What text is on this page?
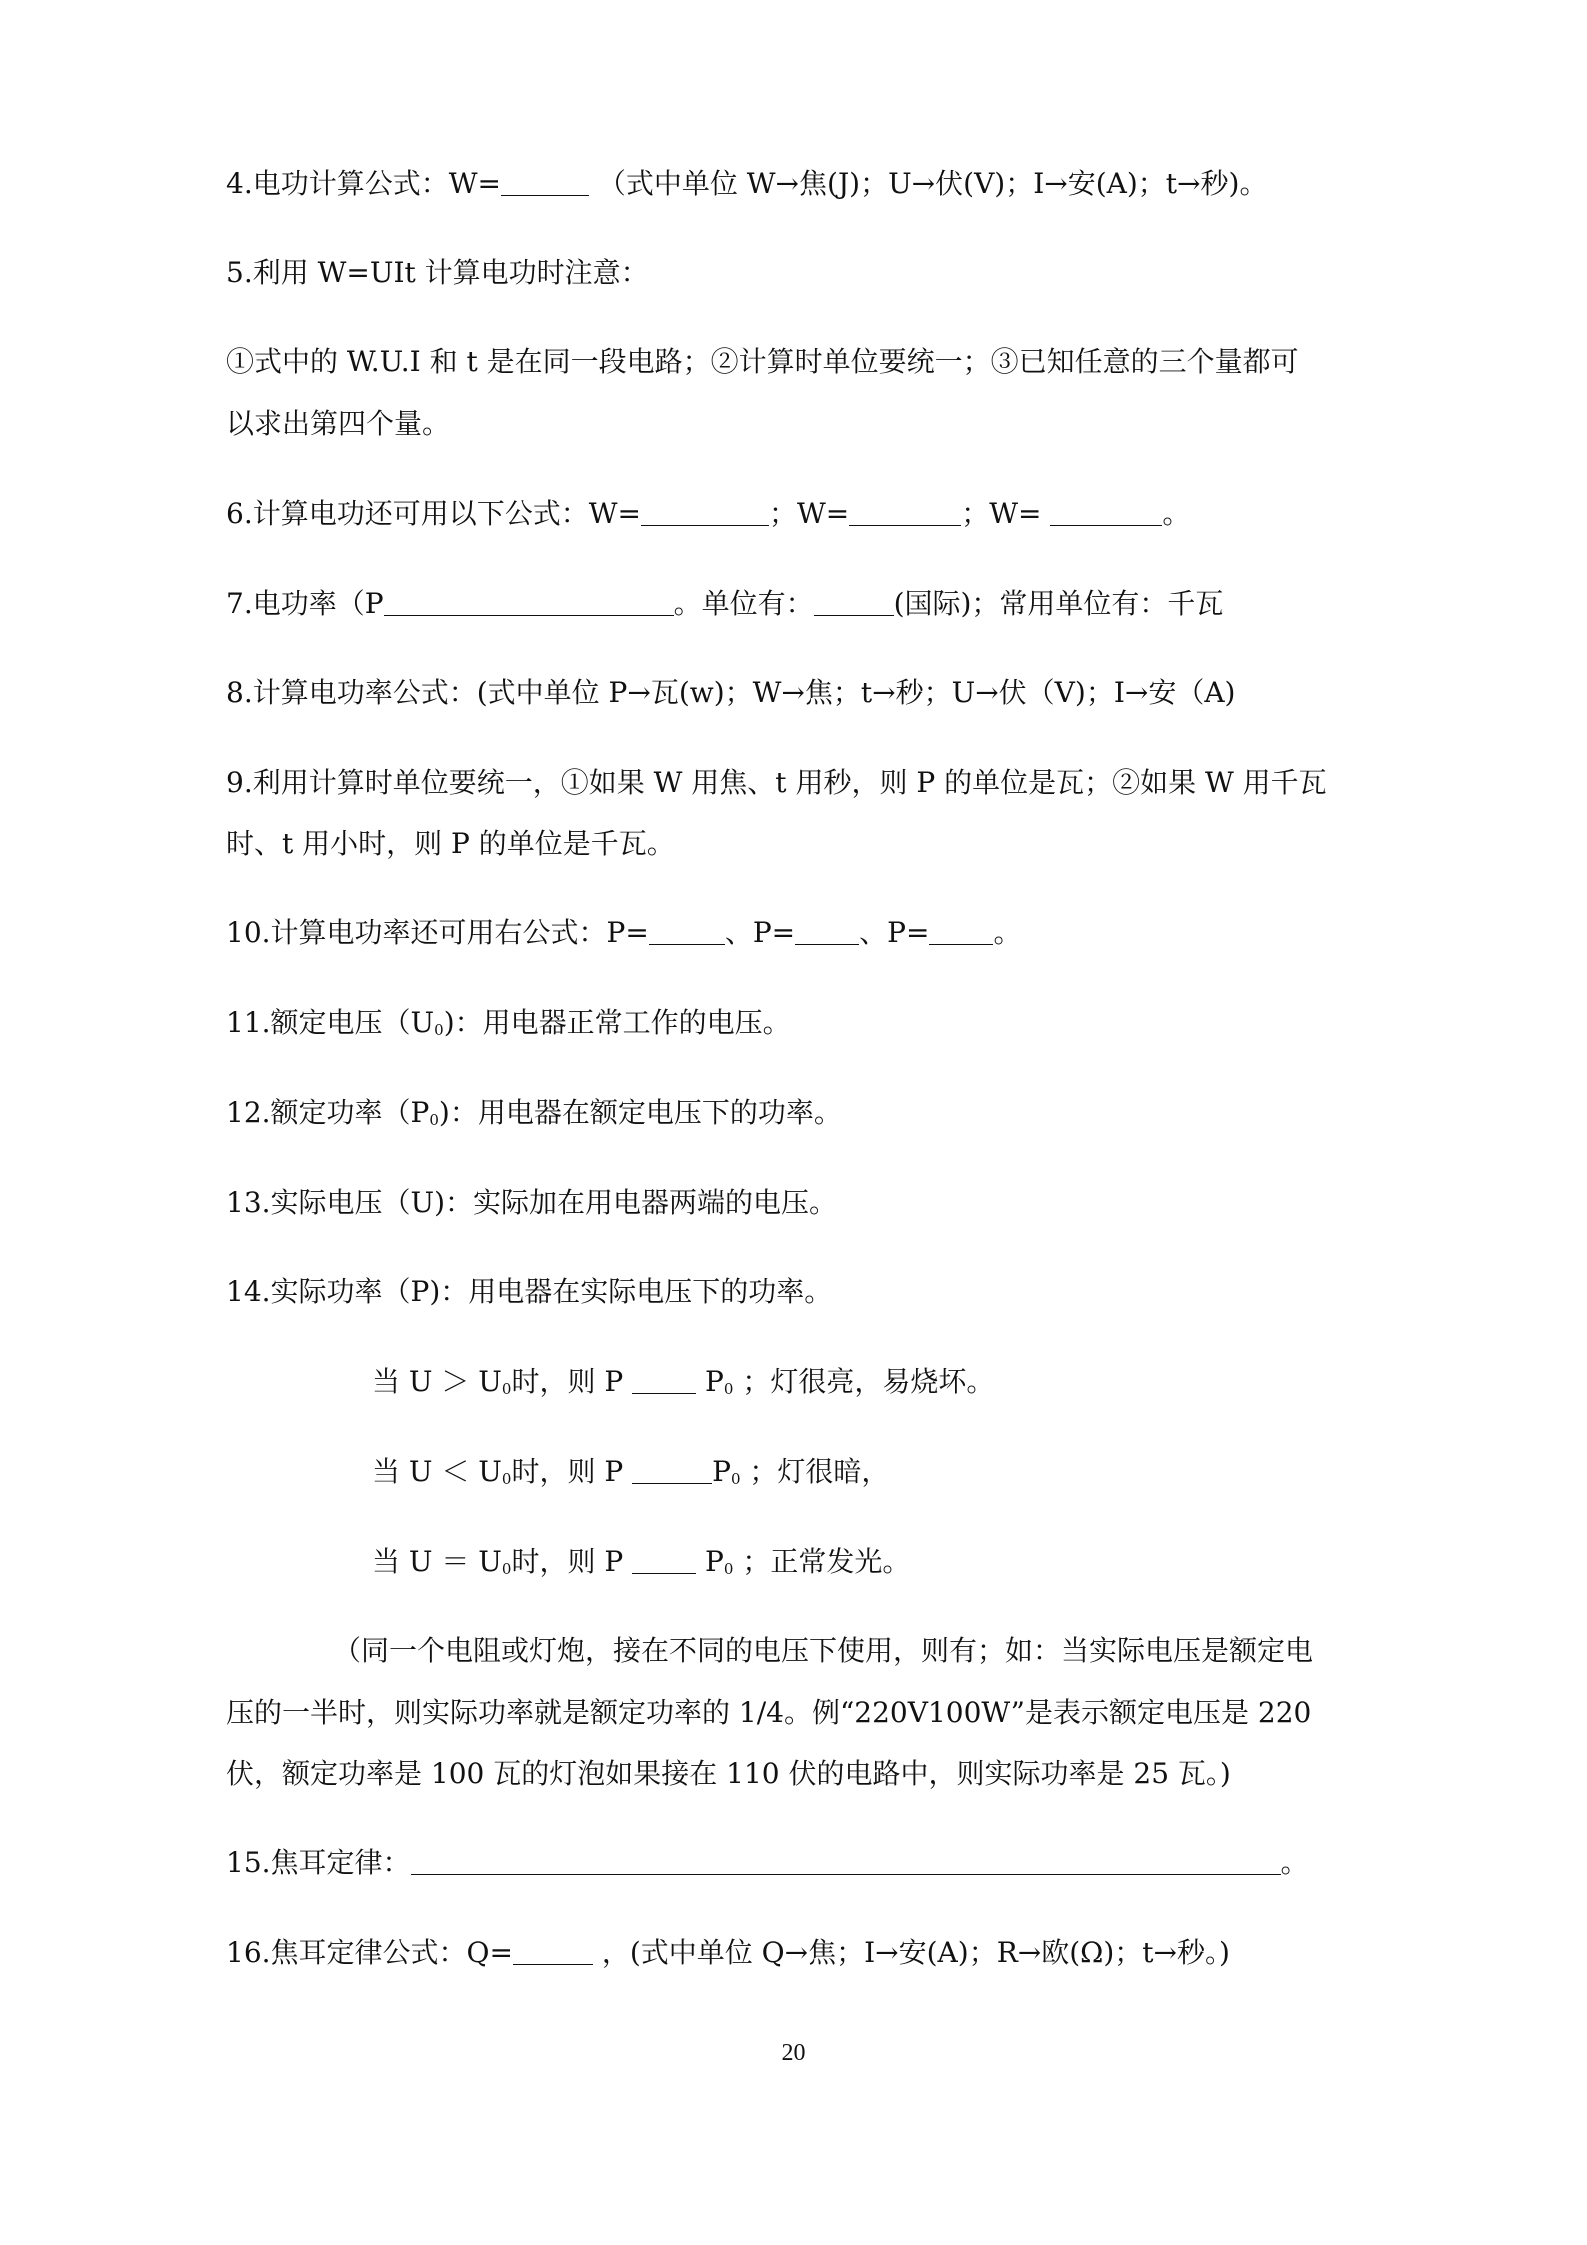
4.电功计算公式：W=	（式中单位 W→焦(J)；U→伏(V)；I→安(A)；t→秒)。
5.利用 W=UIt 计算电功时注意：
①式中的 W.U.I 和 t 是在同一段电路；②计算时单位要统一；③已知任意的三个量都可
以求出第四个量。
6.计算电功还可用以下公式：W=	；W=	；W=	。
7.电功率（P	。单位有：	(国际)；常用单位有：千瓦
8.计算电功率公式：(式中单位 P→瓦(w)；W→焦；t→秒；U→伏（V)；I→安（A)
9.利用计算时单位要统一，①如果 W 用焦、t 用秒，则 P 的单位是瓦；②如果 W 用千瓦
时、t 用小时，则 P 的单位是千瓦。
10.计算电功率还可用右公式：P=	、P= 、P= 。
11.额定电压$(U_0)$：用电器正常工作的电压。
12.额定功率$(P_0)$：用电器在额定电压下的功率。
13.实际电压（U)：实际加在用电器两端的电压。
14.实际功率（P)：用电器在实际电压下的功率。
当 $U > U_0$时，则 P  $P_0$ ；灯很亮，易烧坏。
当 $U < U_0$时，则 P	$P_0$ ；灯很暗，
当 $U = U_0$时，则 P  $P_0$ ；正常发光。
（同一个电阻或灯炮，接在不同的电压下使用，则有；如：当实际电压是额定电
压的一半时，则实际功率就是额定功率的 1/4。例“220V100W”是表示额定电压是 220
伏，额定功率是 100 瓦的灯泡如果接在 110 伏的电路中，则实际功率是 25 瓦。)
15.焦耳定律：	。
16.焦耳定律公式：Q=	，(式中单位 Q→焦；I→安(A)；R→欧(Ω)；t→秒。)
20
